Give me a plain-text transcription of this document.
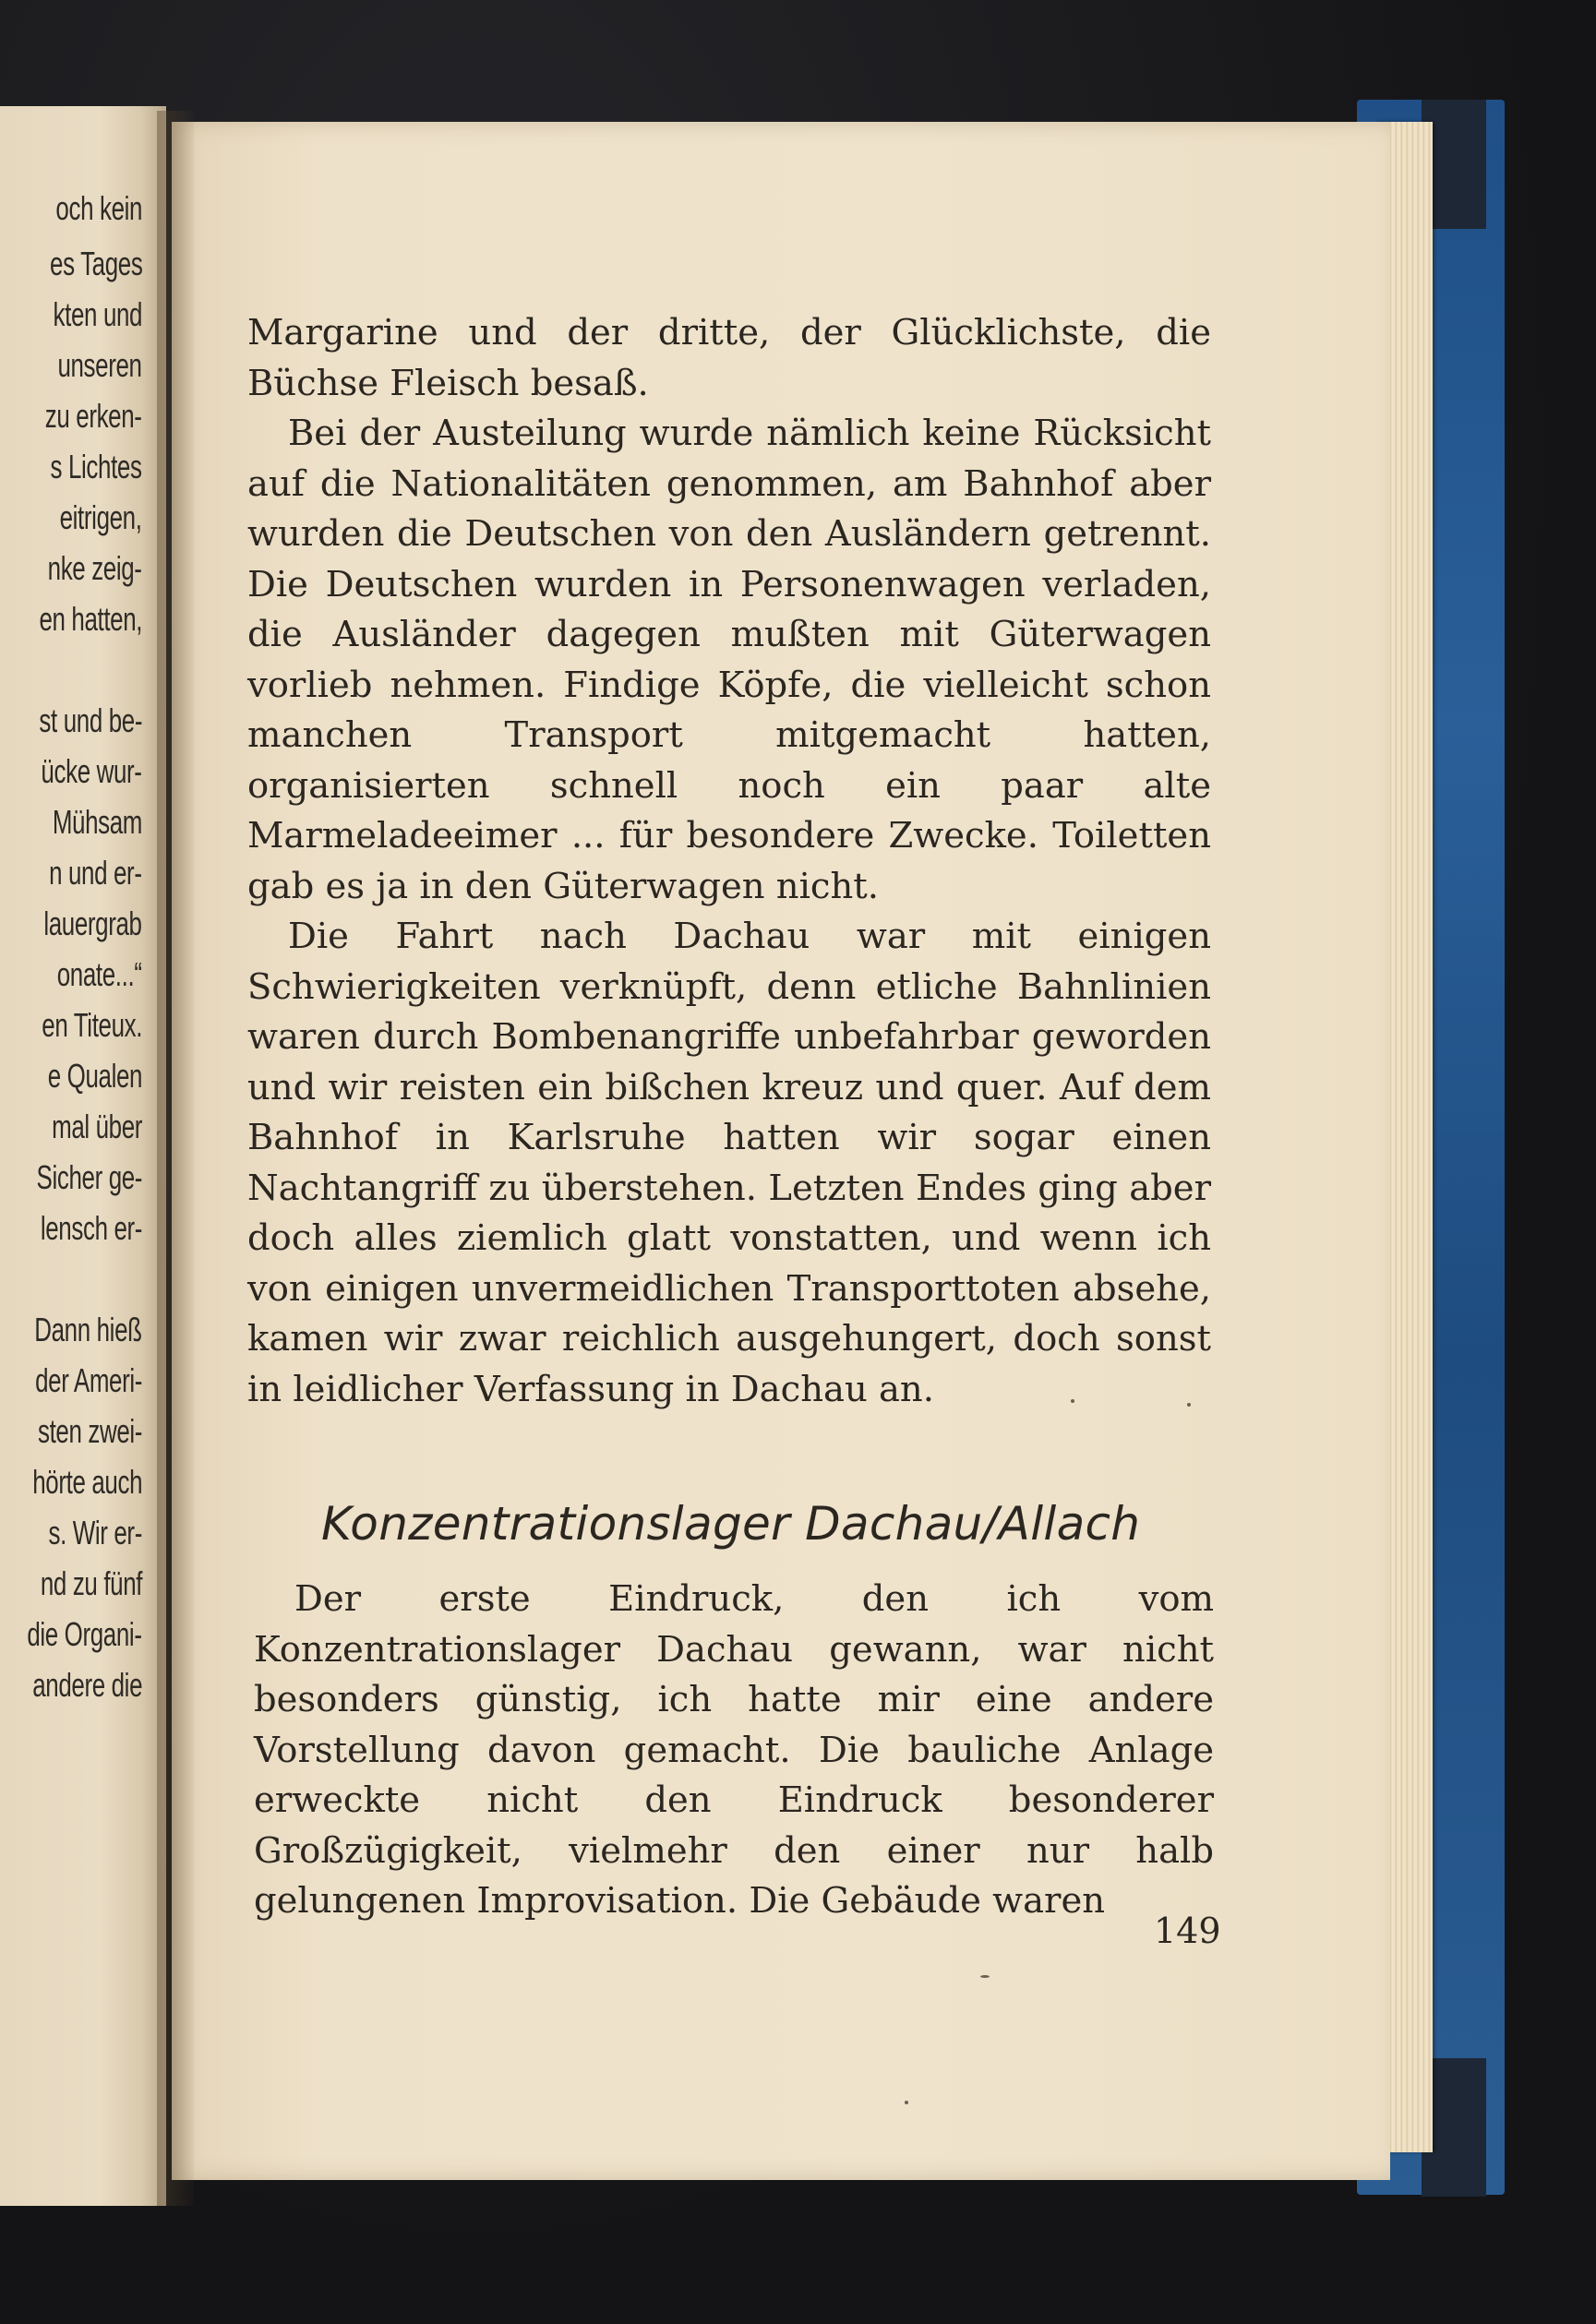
och kein
es Tages
kten und
unseren
zu erken-
s Lichtes
eitrigen,
nke zeig-
en hatten,
st und be-
ücke wur-
Mühsam
n und er-
lauergrab
onate...“
en Titeux.
e Qualen
mal über
Sicher ge-
lensch er-
Dann hieß
der Ameri-
sten zwei-
hörte auch
s. Wir er-
nd zu fünf
die Organi-
andere die

Margarine und der dritte, der Glücklichste, die Büchse Fleisch besaß.

Bei der Austeilung wurde nämlich keine Rücksicht auf die Nationalitäten genommen, am Bahnhof aber wurden die Deutschen von den Ausländern getrennt. Die Deutschen wurden in Personenwagen verladen, die Ausländer dagegen mußten mit Güterwagen vorlieb nehmen. Findige Köpfe, die vielleicht schon manchen Transport mitgemacht hatten, organisierten schnell noch ein paar alte Marmeladeeimer ... für besondere Zwecke. Toiletten gab es ja in den Güterwagen nicht.

Die Fahrt nach Dachau war mit einigen Schwierigkeiten verknüpft, denn etliche Bahnlinien waren durch Bombenangriffe unbefahrbar geworden und wir reisten ein bißchen kreuz und quer. Auf dem Bahnhof in Karlsruhe hatten wir sogar einen Nachtangriff zu überstehen. Letzten Endes ging aber doch alles ziemlich glatt vonstatten, und wenn ich von einigen unvermeidlichen Transporttoten absehe, kamen wir zwar reichlich ausgehungert, doch sonst in leidlicher Verfassung in Dachau an.

Konzentrationslager Dachau/Allach

Der erste Eindruck, den ich vom Konzentrationslager Dachau gewann, war nicht besonders günstig, ich hatte mir eine andere Vorstellung davon gemacht. Die bauliche Anlage erweckte nicht den Eindruck besonderer Großzügigkeit, vielmehr den einer nur halb gelungenen Improvisation. Die Gebäude waren

149
